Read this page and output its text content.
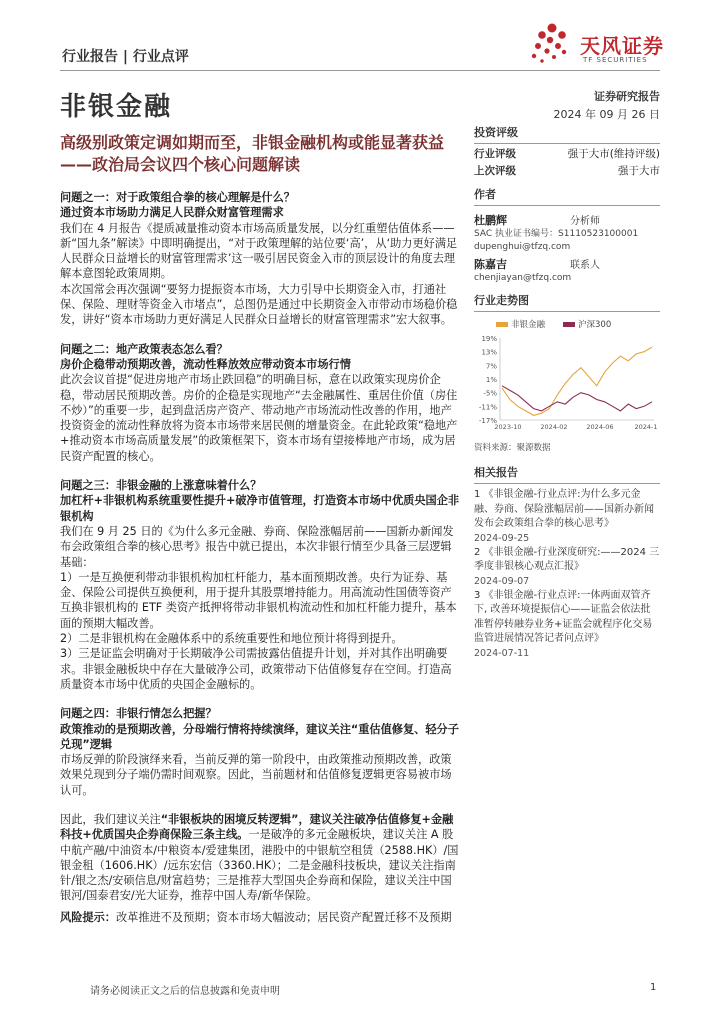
行业报告 | 行业点评	天风证券
TF SECURITIES
非银金融	证券研究报告
2024 年 09 月 26 日
高级别政策定调如期而至，非银金融机构或能显著获益——政治局会议四个核心问题解读

问题之一：对于政策组合拳的核心理解是什么？

通过资本市场助力满足人民群众财富管理需求

我们在 4 月报告《提质减量推动资本市场高质量发展，以分红重塑估值体系——新“国九条”解读》中即明确提出，“对于政策理解的站位要‘高’，从‘助力更好满足人民群众日益增长的财富管理需求’这一吸引居民资金入市的顶层设计的角度去理解本意图轮政策周期。

本次国常会再次强调“要努力提振资本市场，大力引导中长期资金入市，打通社保、保险、理财等资金入市堵点”，总图仍是通过中长期资金入市带动市场稳价稳发，讲好“资本市场助力更好满足人民群众日益增长的财富管理需求”宏大叙事。

问题之二：地产政策表态怎么看？

房价企稳带动预期改善，流动性释放效应带动资本市场行情

此次会议首提“促进房地产市场止跌回稳”的明确目标，意在以政策实现房价企稳，带动居民预期改善。房价的企稳是实现地产“去金融属性、重居住价值（房住不炒）”的重要一步，起到盘活房产资产、带动地产市场流动性改善的作用，地产投资资金的流动性释放将为资本市场带来居民侧的增量资金。在此轮政策“稳地产+推动资本市场高质量发展”的政策框架下，资本市场有望接棒地产市场，成为居民资产配置的核心。

问题之三：非银金融的上涨意味着什么？

加杠杆+非银机构系统重要性提升+破净市值管理，打造资本市场中优质央国企非银机构

我们在 9 月 25 日的《为什么多元金融、券商、保险涨幅居前——国新办新闻发布会政策组合拳的核心思考》报告中就已提出，本次非银行情至少具备三层逻辑基础：

1）一是互换便利带动非银机构加杠杆能力，基本面预期改善。央行为证券、基金、保险公司提供互换便利，用于提升其股票增持能力。用高流动性国债等资产互换非银机构的 ETF 类资产抵押将带动非银机构流动性和加杠杆能力提升，基本面的预期大幅改善。

2）二是非银机构在金融体系中的系统重要性和地位预计将得到提升。

3）三是证监会明确对于长期破净公司需披露估值提升计划，并对其作出明确要求。非银金融板块中存在大量破净公司，政策带动下估值修复存在空间。打造高质量资本市场中优质的央国企金融标的。

问题之四：非银行情怎么把握？

政策推动的是预期改善，分母端行情将持续演绎，建议关注“重估值修复、轻分子兑现”逻辑

市场反弹的阶段演绎来看，当前反弹的第一阶段中，由政策推动预期改善，政策效果兑现到分子端仍需时间观察。因此，当前题材和估值修复逻辑更容易被市场认可。

因此，我们建议关注“非银板块的困境反转逻辑”，建议关注破净估值修复+金融科技+优质国央企券商保险三条主线。一是破净的多元金融板块，建议关注 A 股中航产融/中油资本/中粮资本/爱建集团，港股中的中银航空租赁（2588.HK）/国银金租（1606.HK）/远东宏信（3360.HK）；二是金融科技板块，建议关注指南针/银之杰/安硕信息/财富趋势；三是推荐大型国央企券商和保险，建议关注中国银河/国泰君安/光大证券，推荐中国人寿/新华保险。

风险提示：改革推进不及预期；资本市场大幅波动；居民资产配置迁移不及预期

投资评级
行业评级	强于大市(维持评级)
上次评级	强于大市
作者
杜鹏辉	分析师
SAC 执业证书编号：S1110523100001
dupenghui@tfzq.com
陈嘉吉	联系人
chenjiayan@tfzq.com
行业走势图
非银金融	沪深300
19%
13%
7%
1%
-5%
-11%
-17%
2023-10	2024-02	2024-06	2024-1
资料来源：聚源数据
相关报告
1 《非银金融-行业点评:为什么多元金融、券商、保险涨幅居前——国新办新闻发布会政策组合拳的核心思考》
2024-09-25
2 《非银金融-行业深度研究:——2024 三季度非银核心观点汇报》
2024-09-07
3 《非银金融-行业点评:一体两面双管齐下, 改善环境提振信心——证监会依法批准暂停转融券业务+证监会就程序化交易监管进展情况答记者问点评》
2024-07-11
请务必阅读正文之后的信息披露和免责申明	1
